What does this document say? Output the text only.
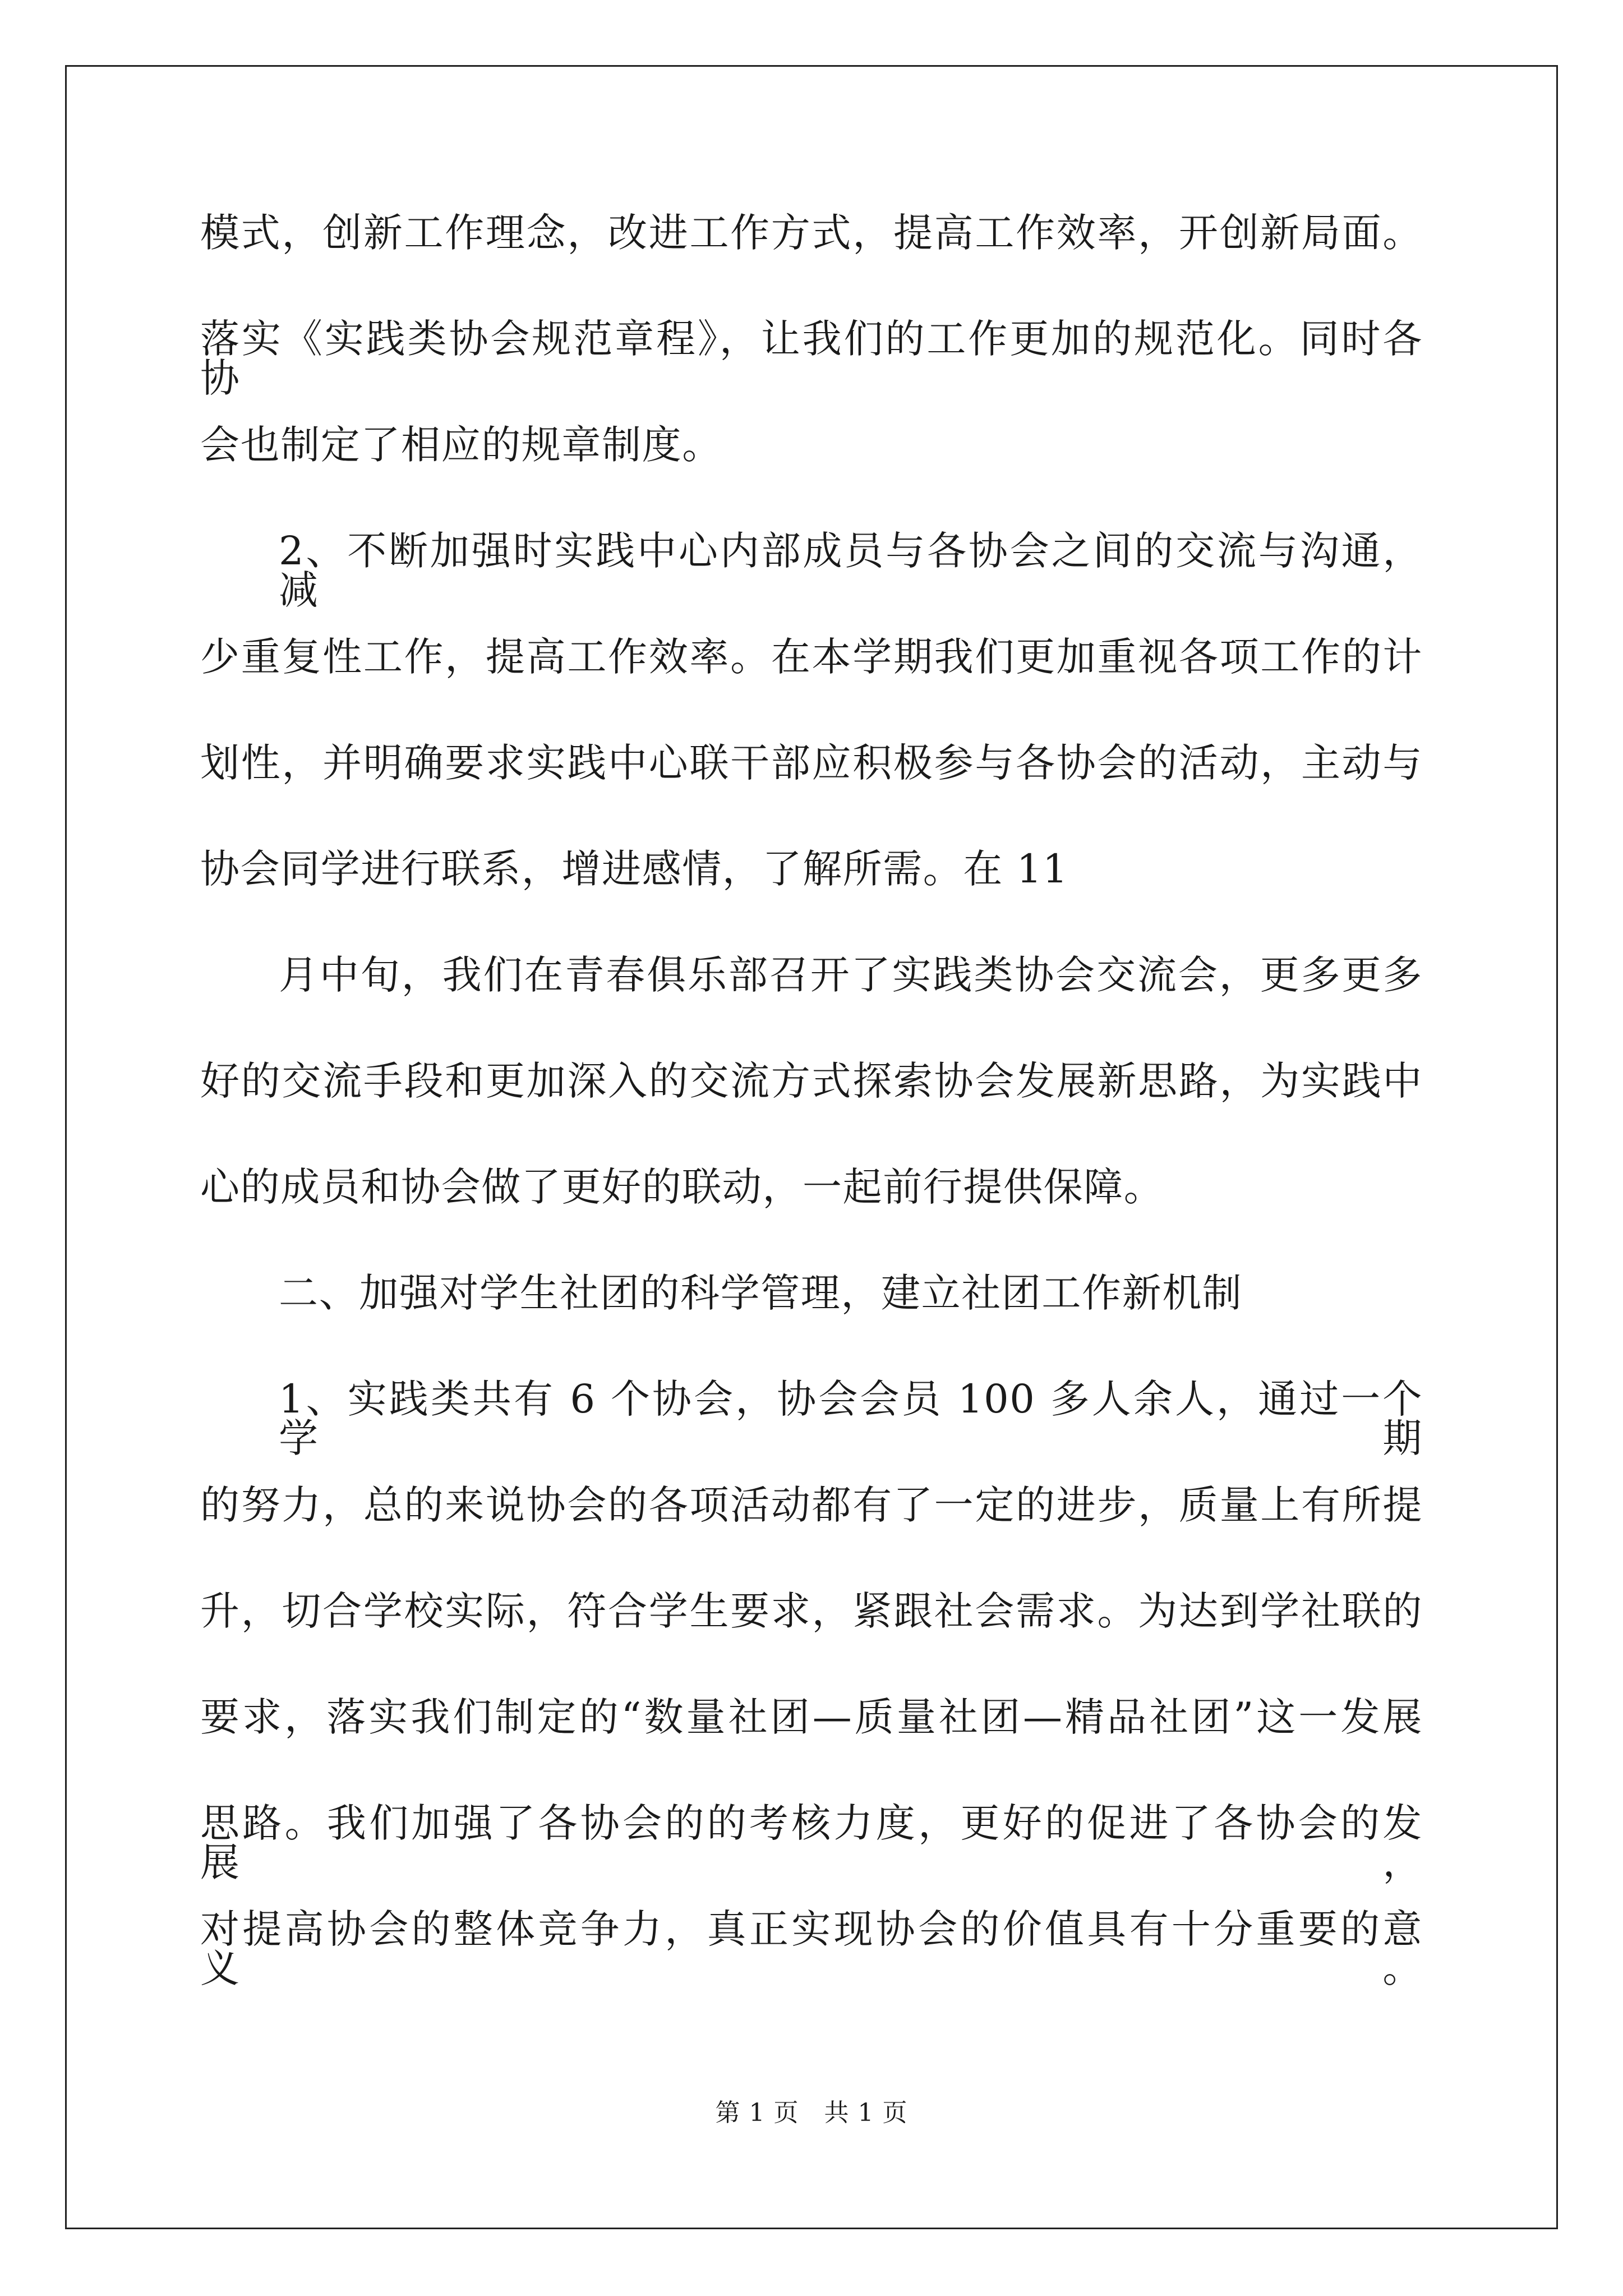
模式，创新工作理念，改进工作方式，提高工作效率，开创新局面。
落实《实践类协会规范章程》，让我们的工作更加的规范化。同时各协
会也制定了相应的规章制度。
2、不断加强时实践中心内部成员与各协会之间的交流与沟通，减
少重复性工作，提高工作效率。在本学期我们更加重视各项工作的计
划性，并明确要求实践中心联干部应积极参与各协会的活动，主动与
协会同学进行联系，增进感情，了解所需。在 11
月中旬，我们在青春俱乐部召开了实践类协会交流会，更多更多
好的交流手段和更加深入的交流方式探索协会发展新思路，为实践中
心的成员和协会做了更好的联动，一起前行提供保障。
二、加强对学生社团的科学管理，建立社团工作新机制
1、实践类共有 6 个协会，协会会员 100 多人余人，通过一个学期
的努力，总的来说协会的各项活动都有了一定的进步，质量上有所提
升，切合学校实际，符合学生要求，紧跟社会需求。为达到学社联的
要求，落实我们制定的“数量社团—质量社团—精品社团”这一发展
思路。我们加强了各协会的的考核力度，更好的促进了各协会的发展，
对提高协会的整体竞争力，真正实现协会的价值具有十分重要的意义。
第 1 页　共 1 页
